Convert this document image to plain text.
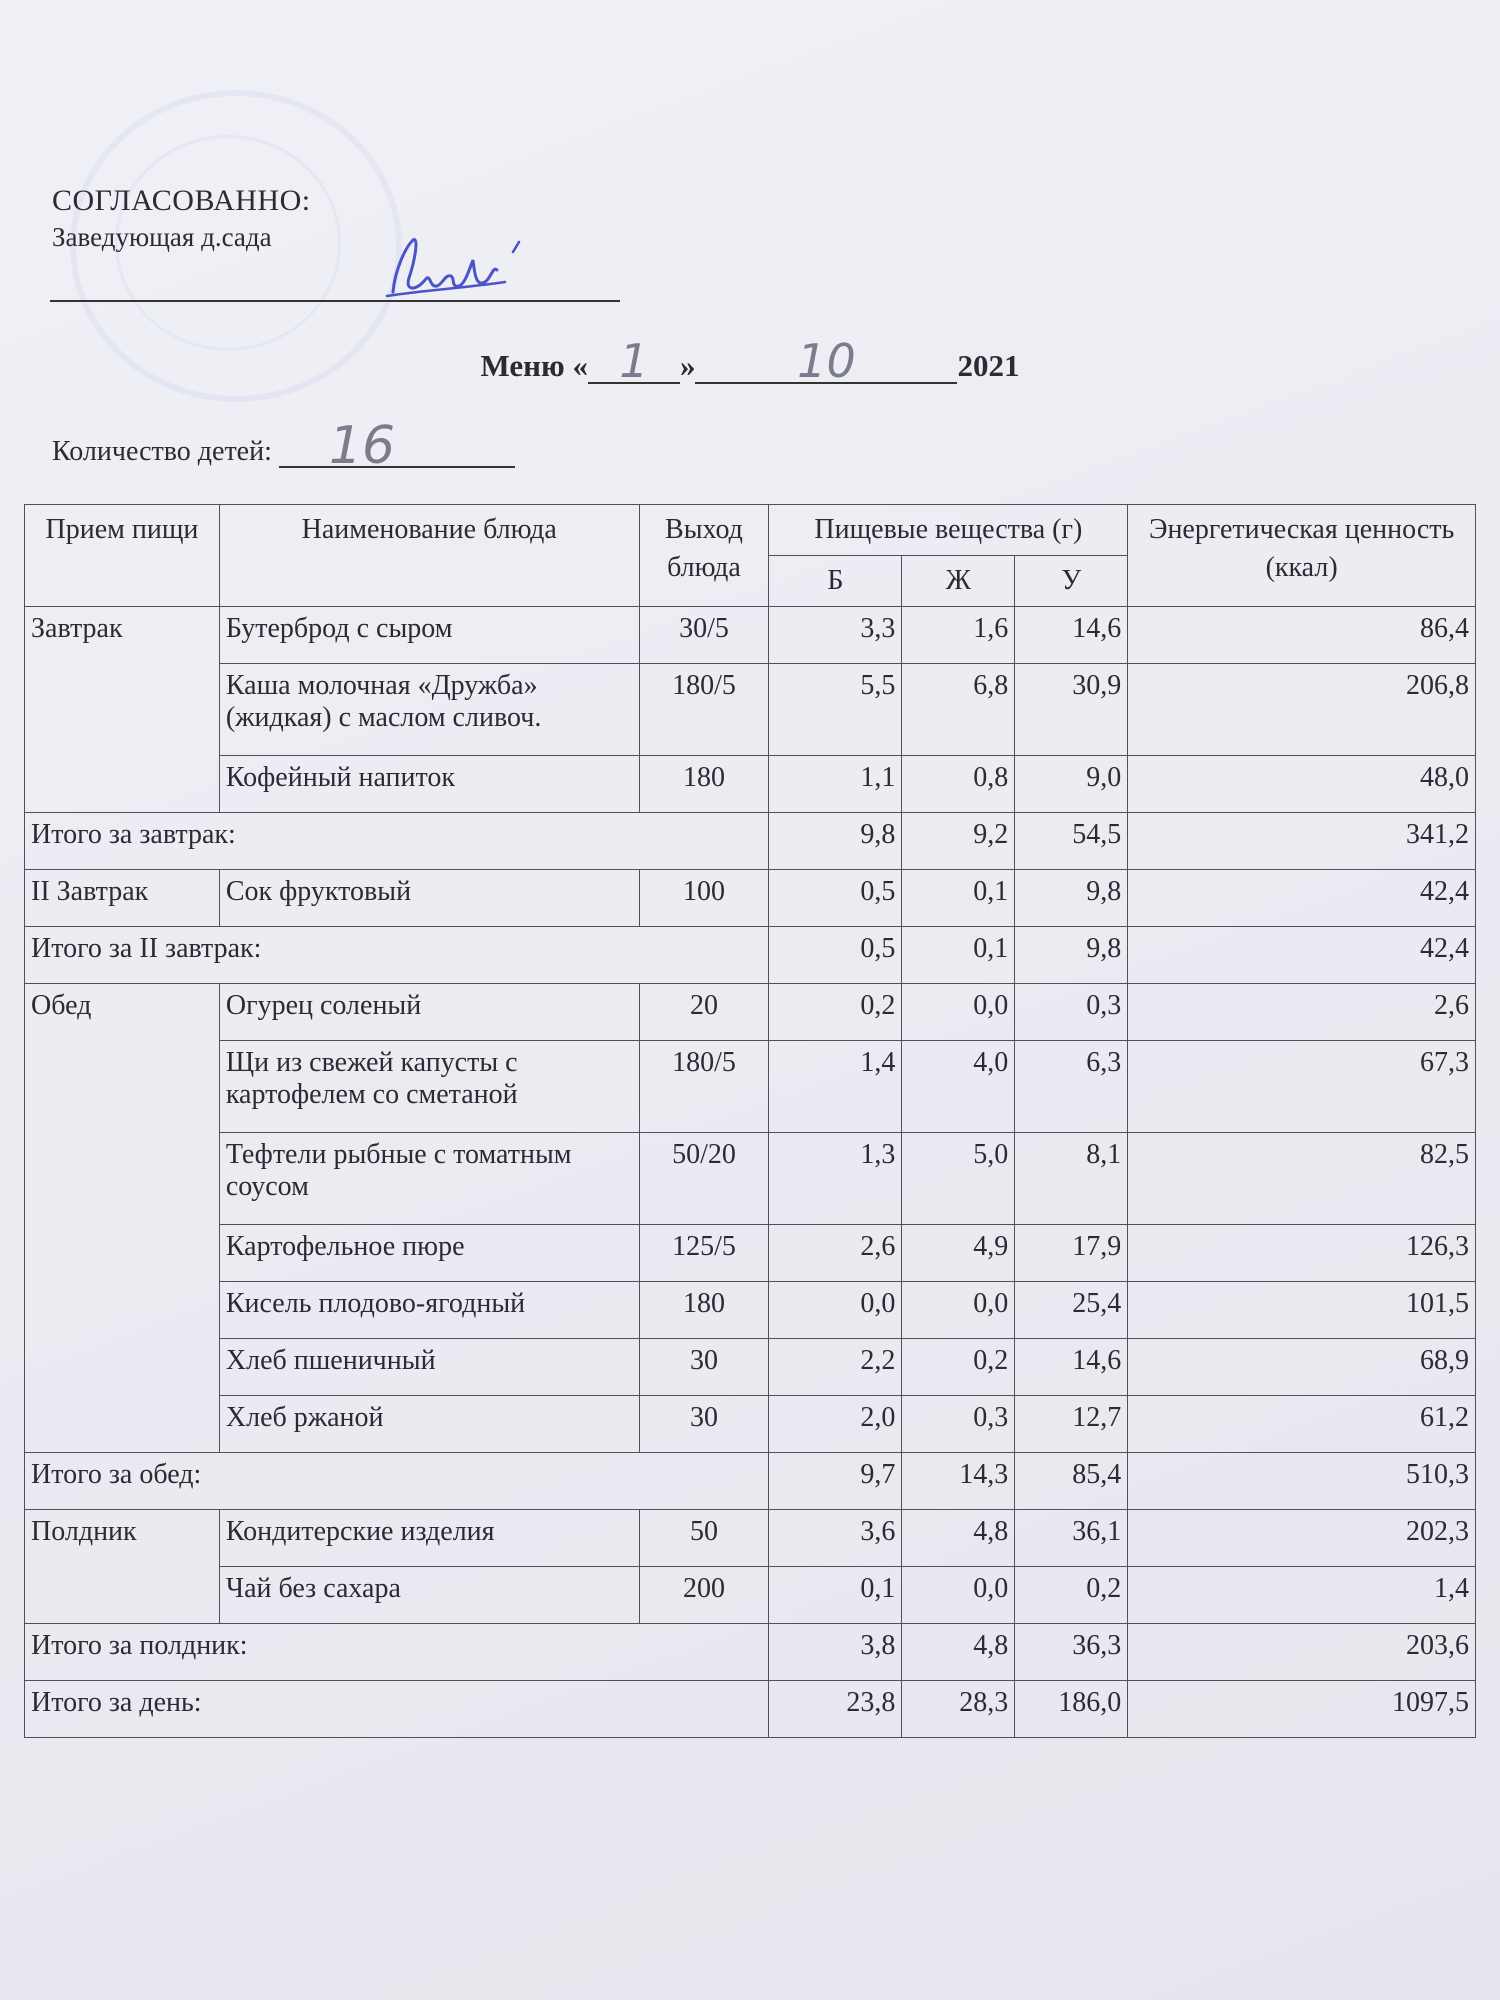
СОГЛАСОВАННО:
Заведующая д.сада
Меню « 1 » 10	2021
Количество детей: 16
Прием пищи	Наименование блюда	Выход блюда	Пищевые вещества (г)			Энергетическая ценность (ккал)
			Б	Ж	У	
Завтрак	Бутерброд с сыром	30/5	3,3	1,6	14,6	86,4
	Каша молочная «Дружба» (жидкая) с маслом сливоч.	180/5	5,5	6,8	30,9	206,8
	Кофейный напиток	180	1,1	0,8	9,0	48,0
Итого за завтрак:			9,8	9,2	54,5	341,2
II Завтрак	Сок фруктовый	100	0,5	0,1	9,8	42,4
Итого за II завтрак:			0,5	0,1	9,8	42,4
Обед	Огурец соленый	20	0,2	0,0	0,3	2,6
	Щи из свежей капусты с картофелем со сметаной	180/5	1,4	4,0	6,3	67,3
	Тефтели рыбные с томатным соусом	50/20	1,3	5,0	8,1	82,5
	Картофельное пюре	125/5	2,6	4,9	17,9	126,3
	Кисель плодово-ягодный	180	0,0	0,0	25,4	101,5
	Хлеб пшеничный	30	2,2	0,2	14,6	68,9
	Хлеб ржаной	30	2,0	0,3	12,7	61,2
Итого за обед:			9,7	14,3	85,4	510,3
Полдник	Кондитерские изделия	50	3,6	4,8	36,1	202,3
	Чай без сахара	200	0,1	0,0	0,2	1,4
Итого за полдник:			3,8	4,8	36,3	203,6
Итого за день:			23,8	28,3	186,0	1097,5
